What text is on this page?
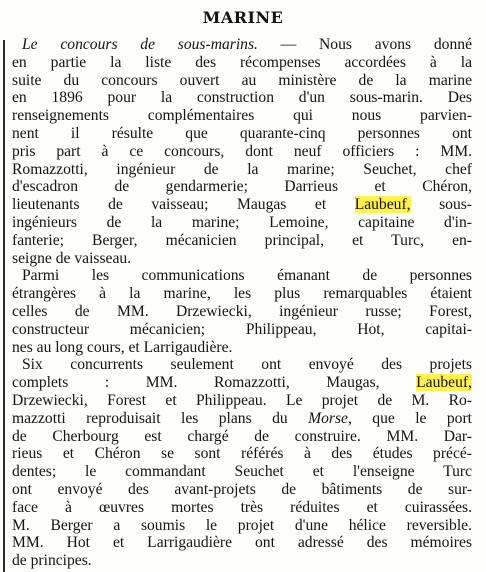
MARINE
Le concours de sous-marins. — Nous avons donné
en partie la liste des récompenses accordées à la
suite du concours ouvert au ministère de la marine
en 1896 pour la construction d'un sous-marin. Des
renseignements complémentaires qui nous parvien-
nent il résulte que quarante-cinq personnes ont
pris part à ce concours, dont neuf officiers : MM.
Romazzotti, ingénieur de la marine; Seuchet, chef
d'escadron de gendarmerie; Darrieus et Chéron,
lieutenants de vaisseau; Maugas et Laubeuf, sous-
ingénieurs de la marine; Lemoine, capitaine d'in-
fanterie; Berger, mécanicien principal, et Turc, en-
seigne de vaisseau.
Parmi les communications émanant de personnes
étrangères à la marine, les plus remarquables étaient
celles de MM. Drzewiecki, ingénieur russe; Forest,
constructeur mécanicien; Philippeau, Hot, capitai-
nes au long cours, et Larrigaudière.
Six concurrents seulement ont envoyé des projets
complets : MM. Romazzotti, Maugas, Laubeuf,
Drzewiecki, Forest et Philippeau. Le projet de M. Ro-
mazzotti reproduisait les plans du Morse, que le port
de Cherbourg est chargé de construire. MM. Dar-
rieus et Chéron se sont référés à des études précé-
dentes; le commandant Seuchet et l'enseigne Turc
ont envoyé des avant-projets de bâtiments de sur-
face à œuvres mortes très réduites et cuirassées.
M. Berger a soumis le projet d'une hélice reversible.
MM. Hot et Larrigaudière ont adressé des mémoires
de principes.
